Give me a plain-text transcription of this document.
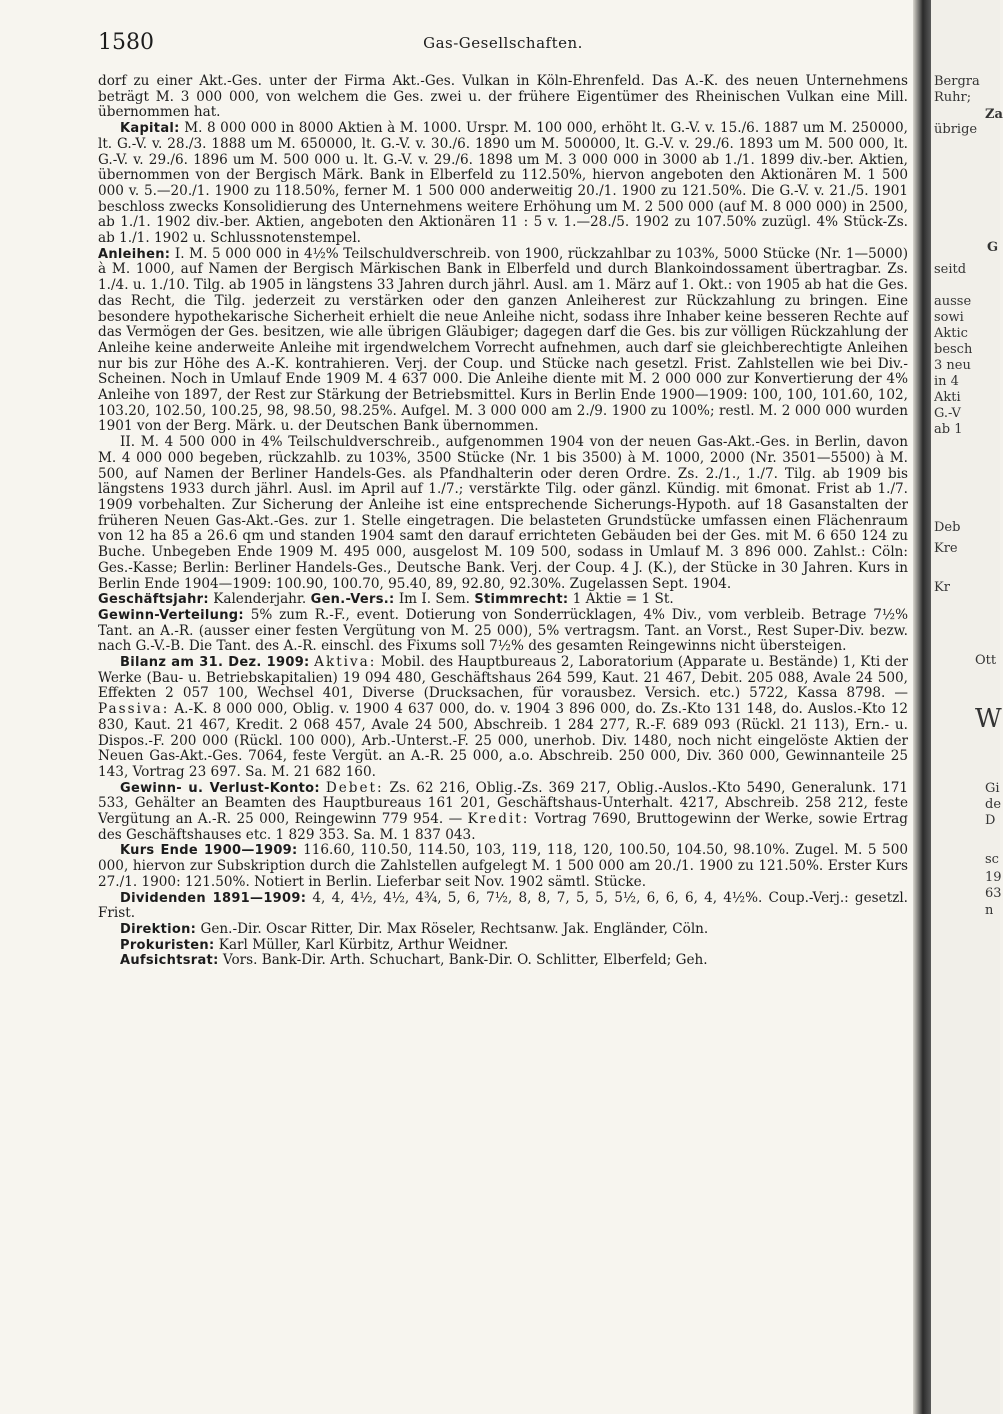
1580	Gas-Gesellschaften.

dorf zu einer Akt.-Ges. unter der Firma Akt.-Ges. Vulkan in Köln-Ehrenfeld. Das A.-K. des neuen Unternehmens beträgt M. 3 000 000, von welchem die Ges. zwei u. der frühere Eigentümer des Rheinischen Vulkan eine Mill. übernommen hat.

Kapital: M. 8 000 000 in 8000 Aktien à M. 1000. Urspr. M. 100 000, erhöht lt. G.-V. v. 15./6. 1887 um M. 250000, lt. G.-V. v. 28./3. 1888 um M. 650000, lt. G.-V. v. 30./6. 1890 um M. 500000, lt. G.-V. v. 29./6. 1893 um M. 500 000, lt. G.-V. v. 29./6. 1896 um M. 500 000 u. lt. G.-V. v. 29./6. 1898 um M. 3 000 000 in 3000 ab 1./1. 1899 div.-ber. Aktien, übernommen von der Bergisch Märk. Bank in Elberfeld zu 112.50%, hiervon angeboten den Aktionären M. 1 500 000 v. 5.—20./1. 1900 zu 118.50%, ferner M. 1 500 000 anderweitig 20./1. 1900 zu 121.50%. Die G.-V. v. 21./5. 1901 beschloss zwecks Konsolidierung des Unternehmens weitere Erhöhung um M. 2 500 000 (auf M. 8 000 000) in 2500, ab 1./1. 1902 div.-ber. Aktien, angeboten den Aktionären 11 : 5 v. 1.—28./5. 1902 zu 107.50% zuzügl. 4% Stück-Zs. ab 1./1. 1902 u. Schlussnotenstempel.

Anleihen: I. M. 5 000 000 in 4½% Teilschuldverschreib. von 1900, rückzahlbar zu 103%, 5000 Stücke (Nr. 1—5000) à M. 1000, auf Namen der Bergisch Märkischen Bank in Elberfeld und durch Blankoindossament übertragbar. Zs. 1./4. u. 1./10. Tilg. ab 1905 in längstens 33 Jahren durch jährl. Ausl. am 1. März auf 1. Okt.: von 1905 ab hat die Ges. das Recht, die Tilg. jederzeit zu verstärken oder den ganzen Anleiherest zur Rückzahlung zu bringen. Eine besondere hypothekarische Sicherheit erhielt die neue Anleihe nicht, sodass ihre Inhaber keine besseren Rechte auf das Vermögen der Ges. besitzen, wie alle übrigen Gläubiger; dagegen darf die Ges. bis zur völligen Rückzahlung der Anleihe keine anderweite Anleihe mit irgendwelchem Vorrecht aufnehmen, auch darf sie gleichberechtigte Anleihen nur bis zur Höhe des A.-K. kontrahieren. Verj. der Coup. und Stücke nach gesetzl. Frist. Zahlstellen wie bei Div.-Scheinen. Noch in Umlauf Ende 1909 M. 4 637 000. Die Anleihe diente mit M. 2 000 000 zur Konvertierung der 4% Anleihe von 1897, der Rest zur Stärkung der Betriebsmittel. Kurs in Berlin Ende 1900—1909: 100, 100, 101.60, 102, 103.20, 102.50, 100.25, 98, 98.50, 98.25%. Aufgel. M. 3 000 000 am 2./9. 1900 zu 100%; restl. M. 2 000 000 wurden 1901 von der Berg. Märk. u. der Deutschen Bank übernommen.

II. M. 4 500 000 in 4% Teilschuldverschreib., aufgenommen 1904 von der neuen Gas-Akt.-Ges. in Berlin, davon M. 4 000 000 begeben, rückzahlb. zu 103%, 3500 Stücke (Nr. 1 bis 3500) à M. 1000, 2000 (Nr. 3501—5500) à M. 500, auf Namen der Berliner Handels-Ges. als Pfandhalterin oder deren Ordre. Zs. 2./1., 1./7. Tilg. ab 1909 bis längstens 1933 durch jährl. Ausl. im April auf 1./7.; verstärkte Tilg. oder gänzl. Kündig. mit 6monat. Frist ab 1./7. 1909 vorbehalten. Zur Sicherung der Anleihe ist eine entsprechende Sicherungs-Hypoth. auf 18 Gasanstalten der früheren Neuen Gas-Akt.-Ges. zur 1. Stelle eingetragen. Die belasteten Grundstücke umfassen einen Flächenraum von 12 ha 85 a 26.6 qm und standen 1904 samt den darauf errichteten Gebäuden bei der Ges. mit M. 6 650 124 zu Buche. Unbegeben Ende 1909 M. 495 000, ausgelost M. 109 500, sodass in Umlauf M. 3 896 000. Zahlst.: Cöln: Ges.-Kasse; Berlin: Berliner Handels-Ges., Deutsche Bank. Verj. der Coup. 4 J. (K.), der Stücke in 30 Jahren. Kurs in Berlin Ende 1904—1909: 100.90, 100.70, 95.40, 89, 92.80, 92.30%. Zugelassen Sept. 1904.

Geschäftsjahr: Kalenderjahr. Gen.-Vers.: Im I. Sem. Stimmrecht: 1 Aktie = 1 St.

Gewinn-Verteilung: 5% zum R.-F., event. Dotierung von Sonderrücklagen, 4% Div., vom verbleib. Betrage 7½% Tant. an A.-R. (ausser einer festen Vergütung von M. 25 000), 5% vertragsm. Tant. an Vorst., Rest Super-Div. bezw. nach G.-V.-B. Die Tant. des A.-R. einschl. des Fixums soll 7½% des gesamten Reingewinns nicht übersteigen.

Bilanz am 31. Dez. 1909: Aktiva: Mobil. des Hauptbureaus 2, Laboratorium (Apparate u. Bestände) 1, Kti der Werke (Bau- u. Betriebskapitalien) 19 094 480, Geschäftshaus 264 599, Kaut. 21 467, Debit. 205 088, Avale 24 500, Effekten 2 057 100, Wechsel 401, Diverse (Drucksachen, für vorausbez. Versich. etc.) 5722, Kassa 8798. — Passiva: A.-K. 8 000 000, Oblig. v. 1900 4 637 000, do. v. 1904 3 896 000, do. Zs.-Kto 131 148, do. Auslos.-Kto 12 830, Kaut. 21 467, Kredit. 2 068 457, Avale 24 500, Abschreib. 1 284 277, R.-F. 689 093 (Rückl. 21 113), Ern.- u. Dispos.-F. 200 000 (Rückl. 100 000), Arb.-Unterst.-F. 25 000, unerhob. Div. 1480, noch nicht eingelöste Aktien der Neuen Gas-Akt.-Ges. 7064, feste Vergüt. an A.-R. 25 000, a.o. Abschreib. 250 000, Div. 360 000, Gewinnanteile 25 143, Vortrag 23 697. Sa. M. 21 682 160.

Gewinn- u. Verlust-Konto: Debet: Zs. 62 216, Oblig.-Zs. 369 217, Oblig.-Auslos.-Kto 5490, Generalunk. 171 533, Gehälter an Beamten des Hauptbureaus 161 201, Geschäftshaus-Unterhalt. 4217, Abschreib. 258 212, feste Vergütung an A.-R. 25 000, Reingewinn 779 954. — Kredit: Vortrag 7690, Bruttogewinn der Werke, sowie Ertrag des Geschäftshauses etc. 1 829 353. Sa. M. 1 837 043.

Kurs Ende 1900—1909: 116.60, 110.50, 114.50, 103, 119, 118, 120, 100.50, 104.50, 98.10%. Zugel. M. 5 500 000, hiervon zur Subskription durch die Zahlstellen aufgelegt M. 1 500 000 am 20./1. 1900 zu 121.50%. Erster Kurs 27./1. 1900: 121.50%. Notiert in Berlin. Lieferbar seit Nov. 1902 sämtl. Stücke.

Dividenden 1891—1909: 4, 4, 4½, 4½, 4¾, 5, 6, 7½, 8, 8, 7, 5, 5, 5½, 6, 6, 6, 4, 4½%. Coup.-Verj.: gesetzl. Frist.

Direktion: Gen.-Dir. Oscar Ritter, Dir. Max Röseler, Rechtsanw. Jak. Engländer, Cöln.

Prokuristen: Karl Müller, Karl Kürbitz, Arthur Weidner.

Aufsichtsrat: Vors. Bank-Dir. Arth. Schuchart, Bank-Dir. O. Schlitter, Elberfeld; Geh.

Bergra
Ruhr;
Za
übrige
G
seitd
ausse
sowi
Aktic
besch
3 neu
in 4
Akti
G.-V
ab 1
Deb
Kre
Kr
Ott
W
Gi
de
D
sc
19
63
n
